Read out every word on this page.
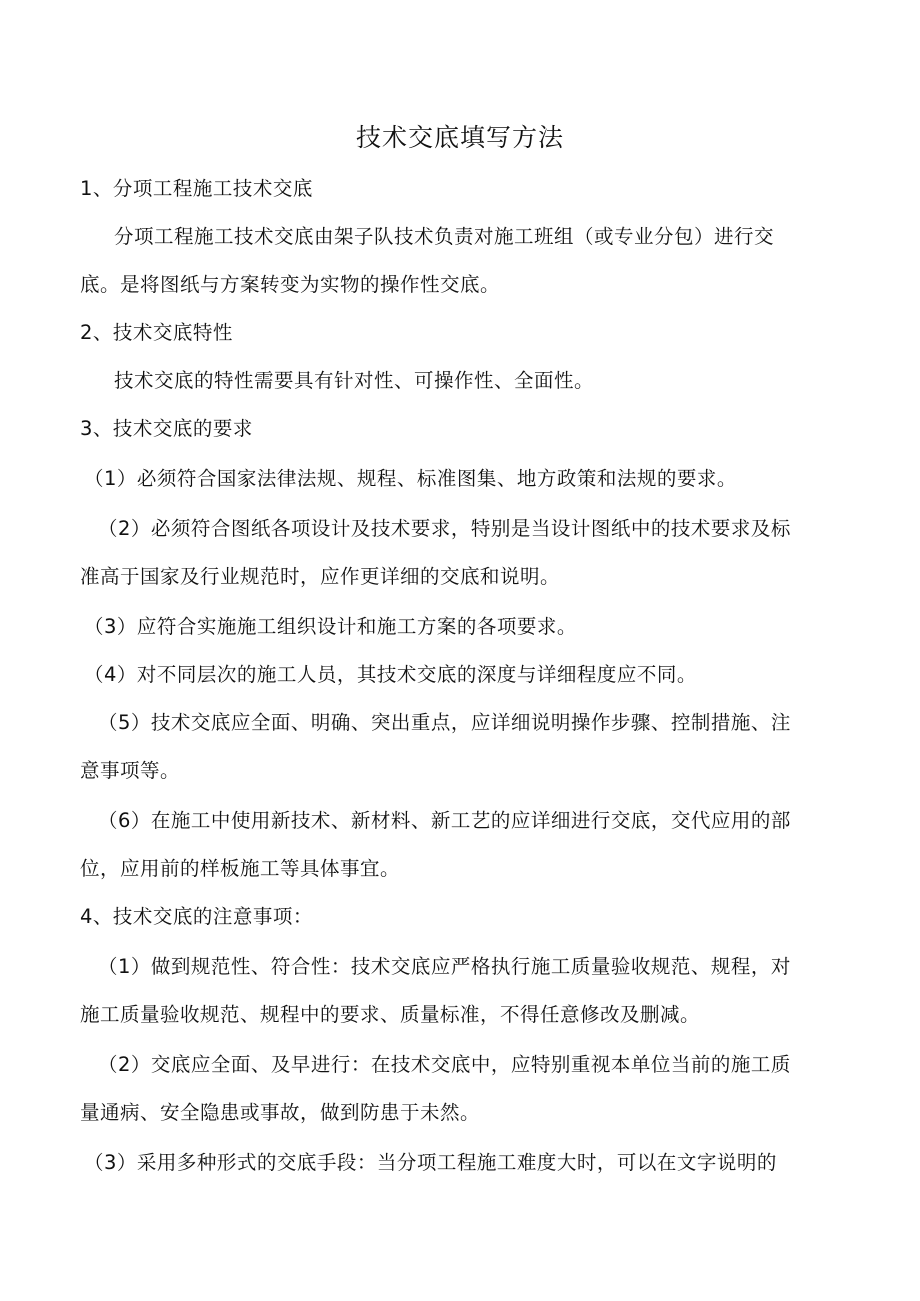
技术交底填写方法
1、分项工程施工技术交底
分项工程施工技术交底由架子队技术负责对施工班组（或专业分包）进行交
底。是将图纸与方案转变为实物的操作性交底。
2、技术交底特性
技术交底的特性需要具有针对性、可操作性、全面性。
3、技术交底的要求
（1）必须符合国家法律法规、规程、标准图集、地方政策和法规的要求。
（2）必须符合图纸各项设计及技术要求，特别是当设计图纸中的技术要求及标
准高于国家及行业规范时，应作更详细的交底和说明。
（3）应符合实施施工组织设计和施工方案的各项要求。
（4）对不同层次的施工人员，其技术交底的深度与详细程度应不同。
（5）技术交底应全面、明确、突出重点，应详细说明操作步骤、控制措施、注
意事项等。
（6）在施工中使用新技术、新材料、新工艺的应详细进行交底，交代应用的部
位，应用前的样板施工等具体事宜。
4、技术交底的注意事项：
（1）做到规范性、符合性：技术交底应严格执行施工质量验收规范、规程，对
施工质量验收规范、规程中的要求、质量标准，不得任意修改及删减。
（2）交底应全面、及早进行：在技术交底中，应特别重视本单位当前的施工质
量通病、安全隐患或事故，做到防患于未然。
（3）采用多种形式的交底手段：当分项工程施工难度大时，可以在文字说明的
